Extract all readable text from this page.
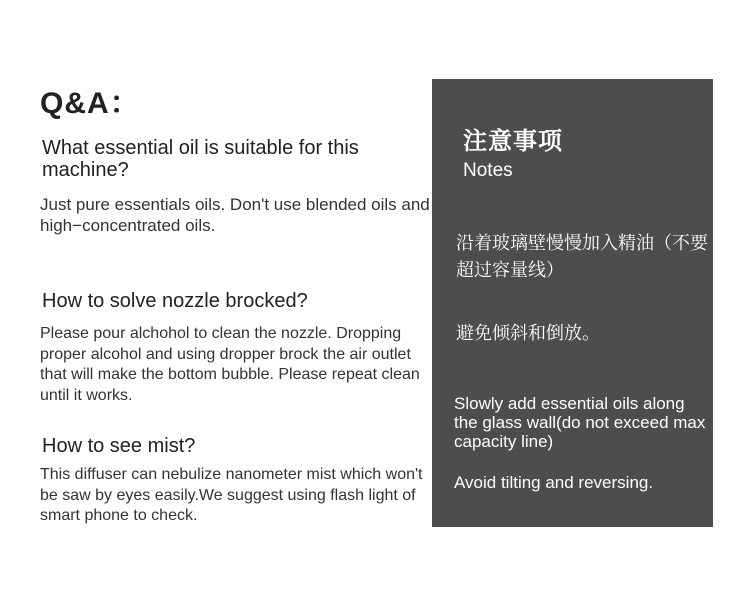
Q&A：

What essential oil is suitable for this machine?

Just pure essentials oils. Don't use blended oils and high−concentrated oils.

How to solve nozzle brocked?

Please pour alchohol to clean the nozzle. Dropping proper alcohol and using dropper brock the air outlet that will make the bottom bubble. Please repeat clean until it works.

How to see mist?

This diffuser can nebulize nanometer mist which won't be saw by eyes easily.We suggest using flash light of smart phone to check.

注意事项

Notes

沿着玻璃壁慢慢加入精油（不要超过容量线）

避免倾斜和倒放。

Slowly add essential oils along the glass wall(do not exceed max capacity line)

Avoid tilting and reversing.
